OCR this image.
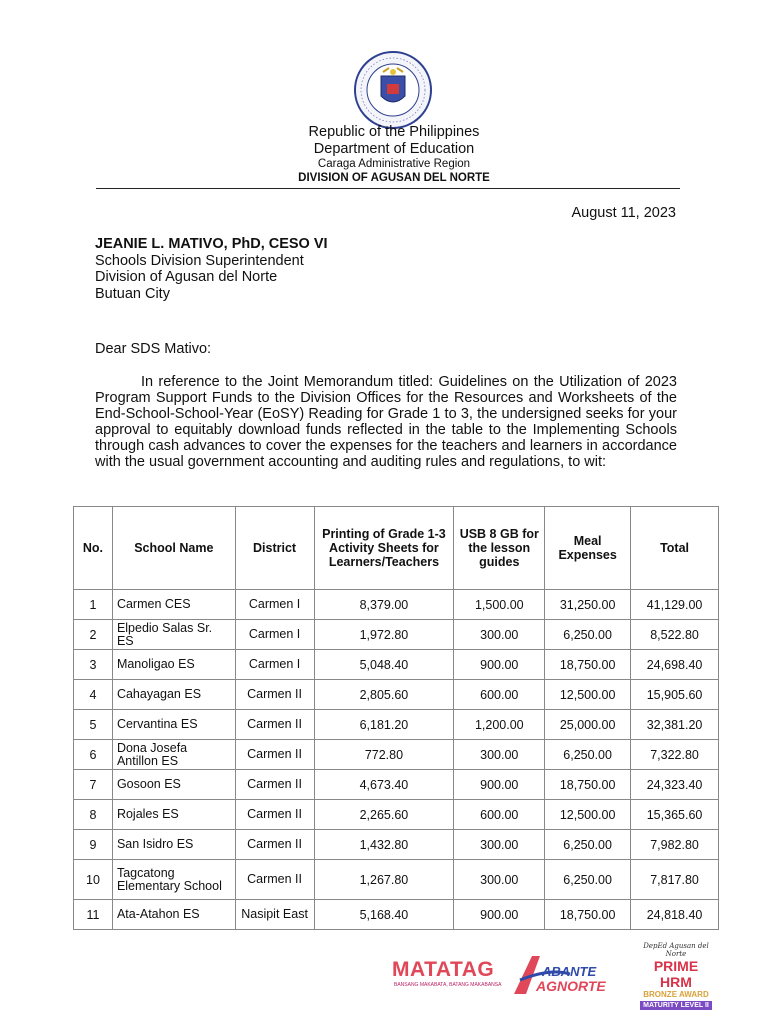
Republic of the Philippines
Department of Education
Caraga Administrative Region
DIVISION OF AGUSAN DEL NORTE
August 11, 2023
JEANIE L. MATIVO, PhD, CESO VI
Schools Division Superintendent
Division of Agusan del Norte
Butuan City
Dear SDS Mativo:
In reference to the Joint Memorandum titled: Guidelines on the Utilization of 2023 Program Support Funds to the Division Offices for the Resources and Worksheets of the End-School-School-Year (EoSY) Reading for Grade 1 to 3, the undersigned seeks for your approval to equitably download funds reflected in the table to the Implementing Schools through cash advances to cover the expenses for the teachers and learners in accordance with the usual government accounting and auditing rules and regulations, to wit:
No.	School Name	District	Printing of Grade 1-3 Activity Sheets for Learners/Teachers	USB 8 GB for the lesson guides	Meal Expenses	Total
1	Carmen CES	Carmen I	8,379.00	1,500.00	31,250.00	41,129.00
2	Elpedio Salas Sr. ES	Carmen I	1,972.80	300.00	6,250.00	8,522.80
3	Manoligao ES	Carmen I	5,048.40	900.00	18,750.00	24,698.40
4	Cahayagan ES	Carmen II	2,805.60	600.00	12,500.00	15,905.60
5	Cervantina ES	Carmen II	6,181.20	1,200.00	25,000.00	32,381.20
6	Dona Josefa Antillon ES	Carmen II	772.80	300.00	6,250.00	7,322.80
7	Gosoon ES	Carmen II	4,673.40	900.00	18,750.00	24,323.40
8	Rojales ES	Carmen II	2,265.60	600.00	12,500.00	15,365.60
9	San Isidro ES	Carmen II	1,432.80	300.00	6,250.00	7,982.80
10	Tagcatong Elementary School	Carmen II	1,267.80	300.00	6,250.00	7,817.80
11	Ata-Atahon ES	Nasipit East	5,168.40	900.00	18,750.00	24,818.40
MATATAG
BANSANG MAKABATA, BATANG MAKABANSA
ABANTE
AGNORTE
DepEd Agusan del Norte
PRIME HRM
BRONZE AWARD
MATURITY LEVEL II
